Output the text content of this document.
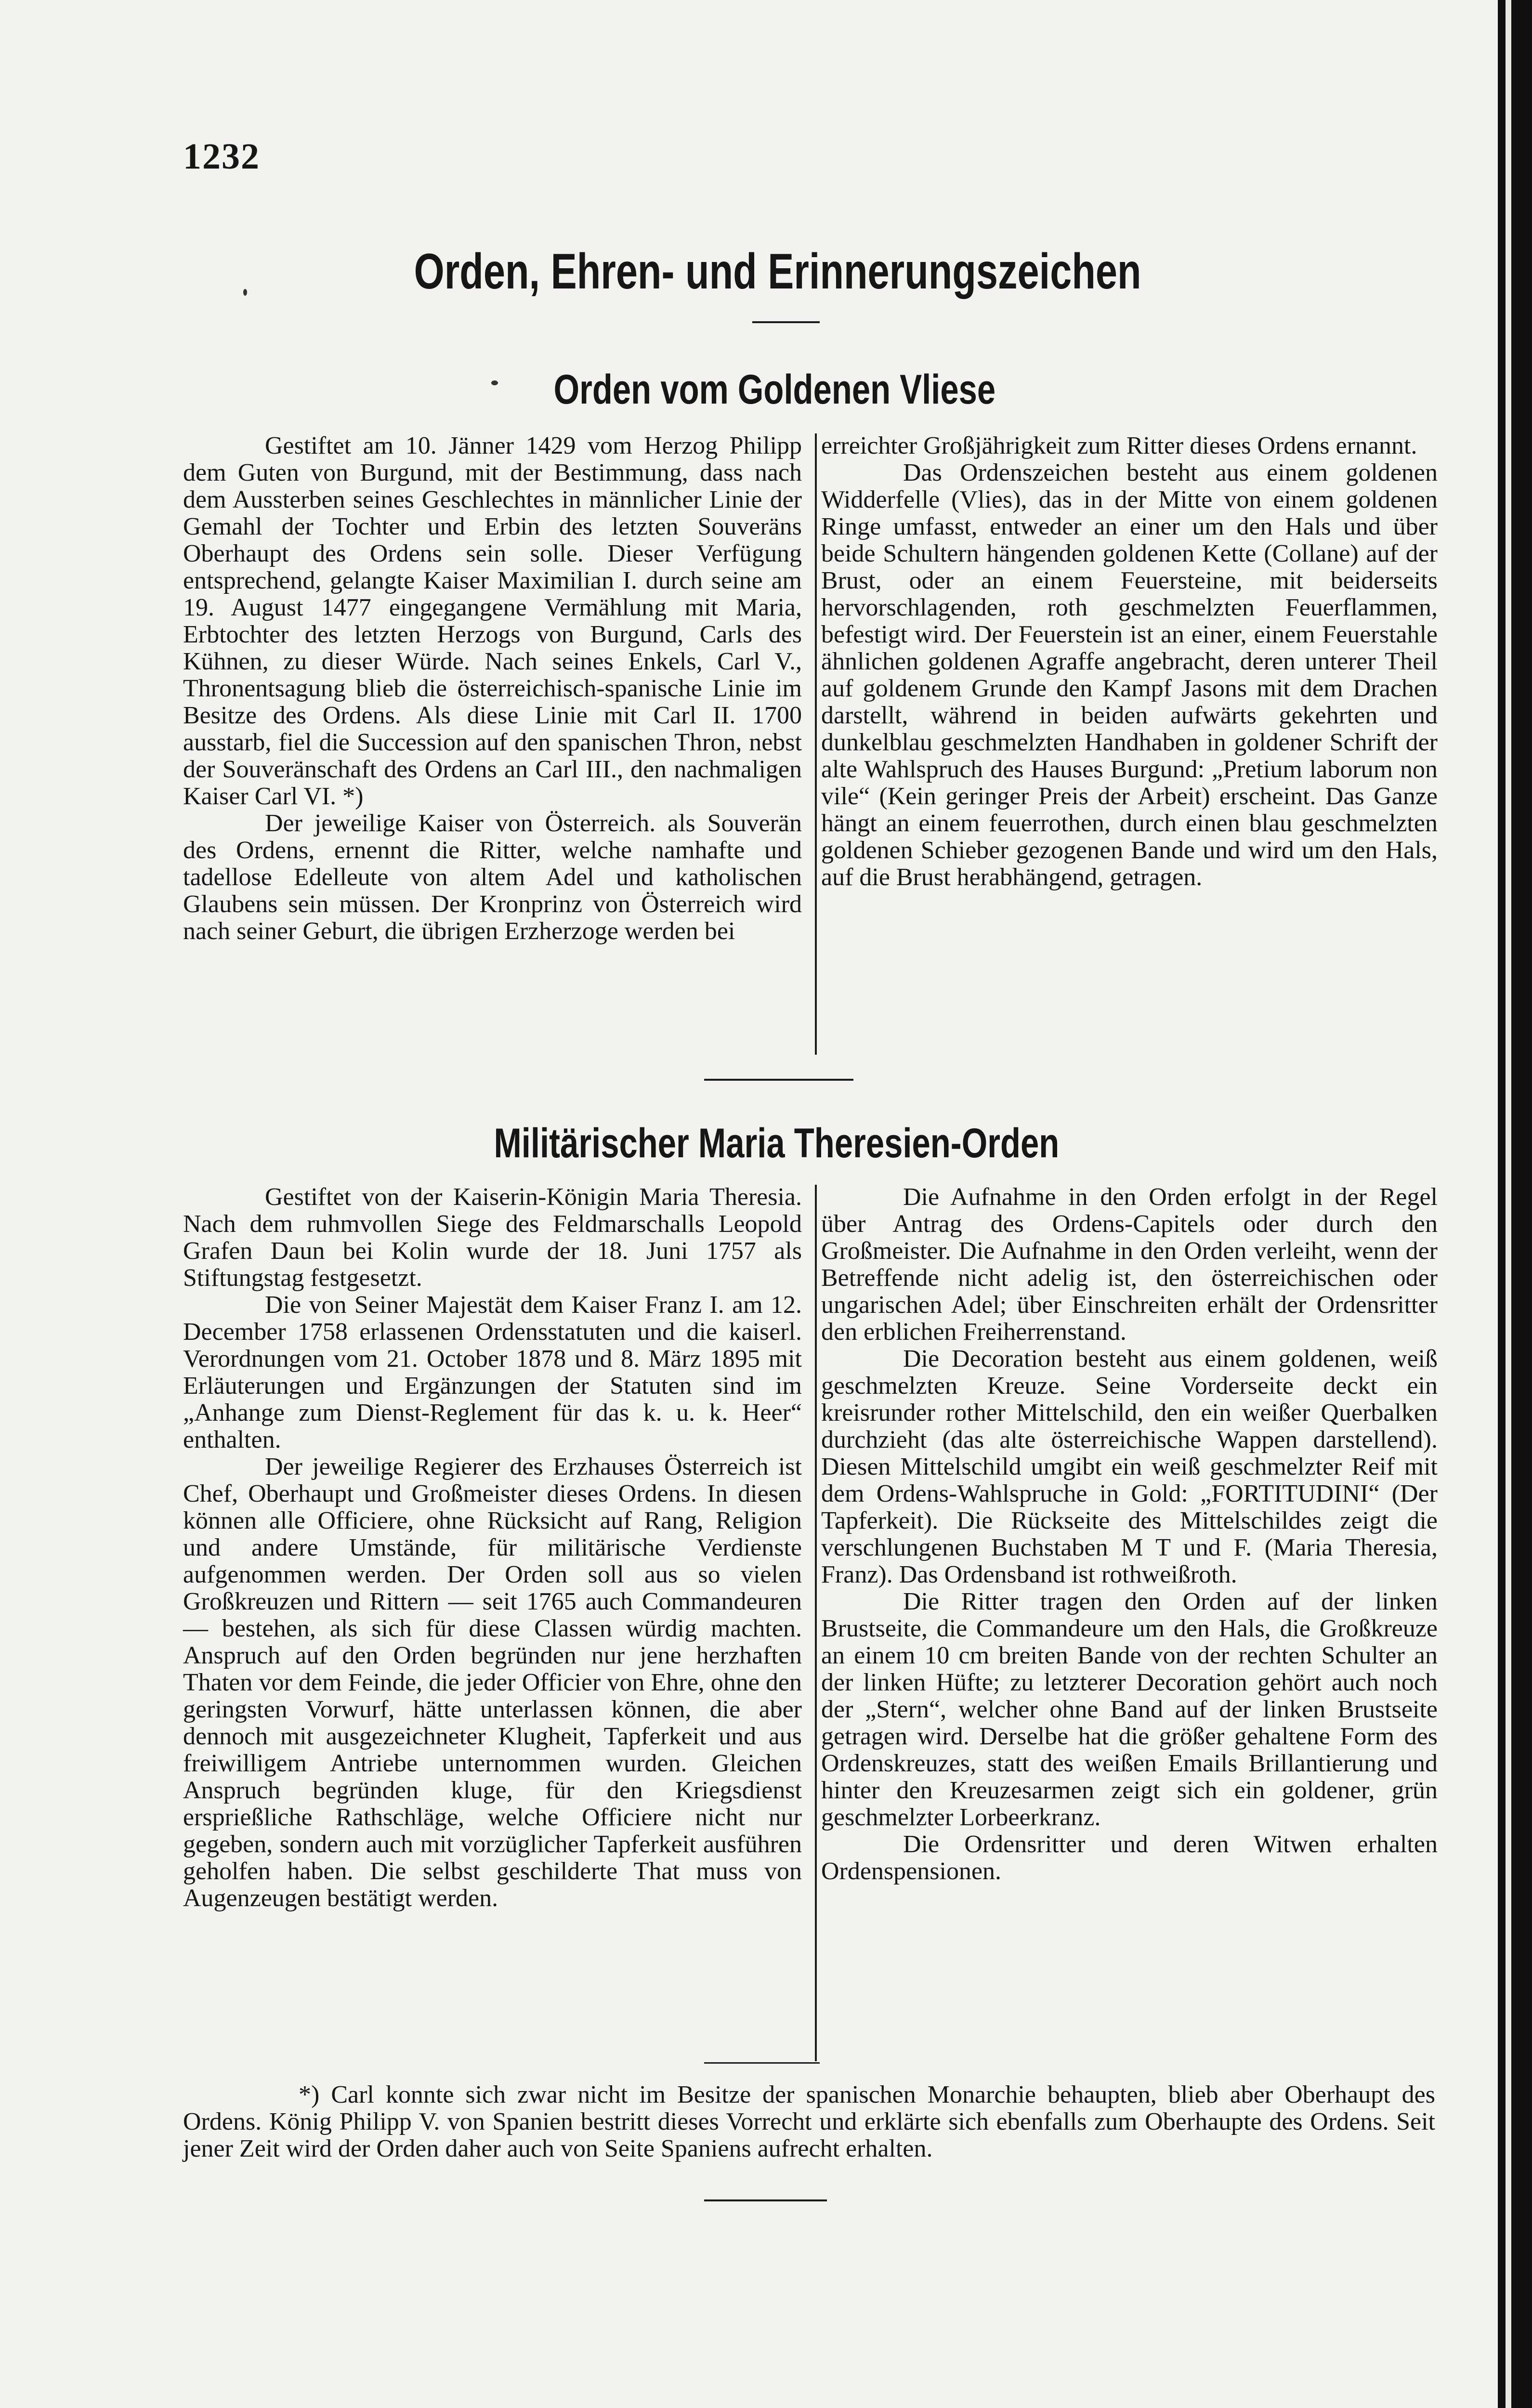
1232
Orden, Ehren- und Erinnerungszeichen
Orden vom Goldenen Vliese

Gestiftet am 10. Jänner 1429 vom Herzog Philipp dem Guten von Burgund, mit der Bestimmung, dass nach dem Aussterben seines Geschlechtes in männlicher Linie der Gemahl der Tochter und Erbin des letzten Souveräns Oberhaupt des Ordens sein solle. Dieser Verfügung entsprechend, gelangte Kaiser Maximilian I. durch seine am 19. August 1477 eingegangene Vermählung mit Maria, Erbtochter des letzten Herzogs von Burgund, Carls des Kühnen, zu dieser Würde. Nach seines Enkels, Carl V., Thronentsagung blieb die österreichisch-spanische Linie im Besitze des Ordens. Als diese Linie mit Carl II. 1700 ausstarb, fiel die Succession auf den spanischen Thron, nebst der Souveränschaft des Ordens an Carl III., den nachmaligen Kaiser Carl VI. *)

Der jeweilige Kaiser von Österreich. als Souverän des Ordens, ernennt die Ritter, welche namhafte und tadellose Edelleute von altem Adel und katholischen Glaubens sein müssen. Der Kronprinz von Österreich wird nach seiner Geburt, die übrigen Erzherzoge werden bei

erreichter Großjährigkeit zum Ritter dieses Ordens ernannt.

Das Ordenszeichen besteht aus einem goldenen Widderfelle (Vlies), das in der Mitte von einem goldenen Ringe umfasst, entweder an einer um den Hals und über beide Schultern hängenden goldenen Kette (Collane) auf der Brust, oder an einem Feuersteine, mit beiderseits hervorschlagenden, roth geschmelzten Feuerflammen, befestigt wird. Der Feuerstein ist an einer, einem Feuerstahle ähnlichen goldenen Agraffe angebracht, deren unterer Theil auf goldenem Grunde den Kampf Jasons mit dem Drachen darstellt, während in beiden aufwärts gekehrten und dunkelblau geschmelzten Handhaben in goldener Schrift der alte Wahlspruch des Hauses Burgund: „Pretium laborum non vile“ (Kein geringer Preis der Arbeit) erscheint. Das Ganze hängt an einem feuerrothen, durch einen blau geschmelzten goldenen Schieber gezogenen Bande und wird um den Hals, auf die Brust herabhängend, getragen.

Militärischer Maria Theresien-Orden

Gestiftet von der Kaiserin-Königin Maria Theresia. Nach dem ruhmvollen Siege des Feldmarschalls Leopold Grafen Daun bei Kolin wurde der 18. Juni 1757 als Stiftungstag festgesetzt.

Die von Seiner Majestät dem Kaiser Franz I. am 12. December 1758 erlassenen Ordensstatuten und die kaiserl. Verordnungen vom 21. October 1878 und 8. März 1895 mit Erläuterungen und Ergänzungen der Statuten sind im „Anhange zum Dienst-Reglement für das k. u. k. Heer“ enthalten.

Der jeweilige Regierer des Erzhauses Österreich ist Chef, Oberhaupt und Großmeister dieses Ordens. In diesen können alle Officiere, ohne Rücksicht auf Rang, Religion und andere Umstände, für militärische Verdienste aufgenommen werden. Der Orden soll aus so vielen Großkreuzen und Rittern — seit 1765 auch Commandeuren — bestehen, als sich für diese Classen würdig machten. Anspruch auf den Orden begründen nur jene herzhaften Thaten vor dem Feinde, die jeder Officier von Ehre, ohne den geringsten Vorwurf, hätte unterlassen können, die aber dennoch mit ausgezeichneter Klugheit, Tapferkeit und aus freiwilligem Antriebe unternommen wurden. Gleichen Anspruch begründen kluge, für den Kriegsdienst ersprießliche Rathschläge, welche Officiere nicht nur gegeben, sondern auch mit vorzüglicher Tapferkeit ausführen geholfen haben. Die selbst geschilderte That muss von Augenzeugen bestätigt werden.

Die Aufnahme in den Orden erfolgt in der Regel über Antrag des Ordens-Capitels oder durch den Großmeister. Die Aufnahme in den Orden verleiht, wenn der Betreffende nicht adelig ist, den österreichischen oder ungarischen Adel; über Einschreiten erhält der Ordensritter den erblichen Freiherrenstand.

Die Decoration besteht aus einem goldenen, weiß geschmelzten Kreuze. Seine Vorderseite deckt ein kreisrunder rother Mittelschild, den ein weißer Querbalken durchzieht (das alte österreichische Wappen darstellend). Diesen Mittelschild umgibt ein weiß geschmelzter Reif mit dem Ordens-Wahlspruche in Gold: „FORTITUDINI“ (Der Tapferkeit). Die Rückseite des Mittelschildes zeigt die verschlungenen Buchstaben M T und F. (Maria Theresia, Franz). Das Ordensband ist rothweißroth.

Die Ritter tragen den Orden auf der linken Brustseite, die Commandeure um den Hals, die Großkreuze an einem 10 cm breiten Bande von der rechten Schulter an der linken Hüfte; zu letzterer Decoration gehört auch noch der „Stern“, welcher ohne Band auf der linken Brustseite getragen wird. Derselbe hat die größer gehaltene Form des Ordenskreuzes, statt des weißen Emails Brillantierung und hinter den Kreuzesarmen zeigt sich ein goldener, grün geschmelzter Lorbeerkranz.

Die Ordensritter und deren Witwen erhalten Ordenspensionen.

*) Carl konnte sich zwar nicht im Besitze der spanischen Monarchie behaupten, blieb aber Oberhaupt des Ordens. König Philipp V. von Spanien bestritt dieses Vorrecht und erklärte sich ebenfalls zum Oberhaupte des Ordens. Seit jener Zeit wird der Orden daher auch von Seite Spaniens aufrecht erhalten.
